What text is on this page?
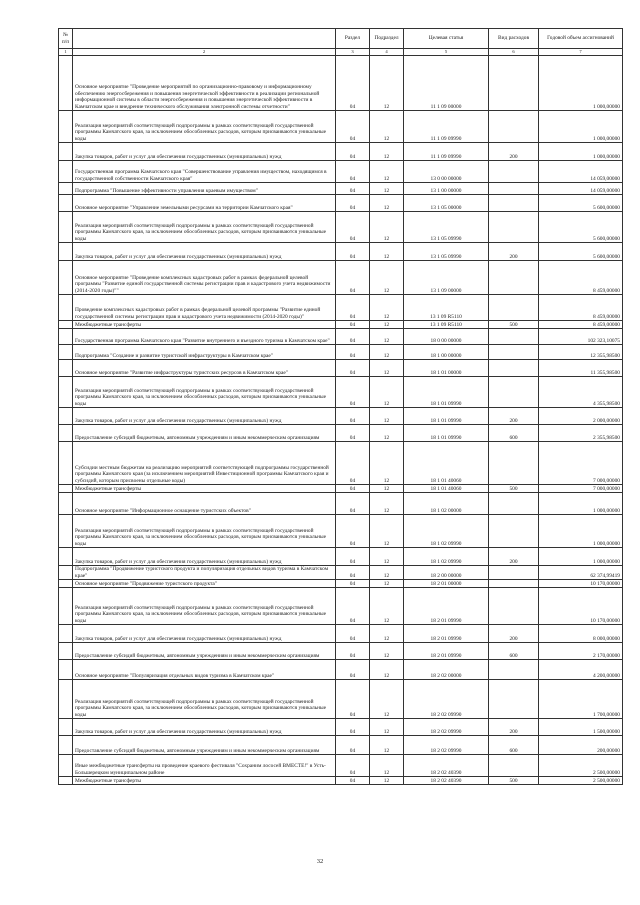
№ п/п		Раздел	Подраздел	Целевая статья	Вид расходов	Годовой объем ассигнований
1	2	3	4	5	6	7
	Основное мероприятие "Проведение мероприятий по организационно-правовому и информационному обеспечению энергосбережения и повышения энергетической эффективности в реализации региональной информационной системы в области энергосбережения и повышения энергетической эффективности в Камчатском крае и внедрение технического обслуживания электронной системы отчетности"	04	12	11 1 09 00000		1 000,00000
	Реализация мероприятий соответствующей подпрограммы в рамках соответствующей государственной программы Камчатского края, за исключением обособленных расходов, которым присваиваются уникальные коды	04	12	11 1 09 09990		1 000,00000
	Закупка товаров, работ и услуг для обеспечения государственных (муниципальных) нужд	04	12	11 1 09 09990	200	1 000,00000
	Государственная программа Камчатского края "Совершенствование управления имуществом, находящимся в государственной собственности Камчатского края"	04	12	13 0 00 00000		14 059,00000
	Подпрограмма "Повышение эффективности управления краевым имуществом"	04	12	13 1 00 00000		14 059,00000
	Основное мероприятие "Управление земельными ресурсами на территории Камчатского края"	04	12	13 1 05 00000		5 600,00000
	Реализация мероприятий соответствующей подпрограммы в рамках соответствующей государственной программы Камчатского края, за исключением обособленных расходов, которым присваиваются уникальные коды	04	12	13 1 05 09990		5 600,00000
	Закупка товаров, работ и услуг для обеспечения государственных (муниципальных) нужд	04	12	13 1 05 09990	200	5 600,00000
	Основное мероприятие "Проведение комплексных кадастровых работ в рамках федеральной целевой программы "Развитие единой государственной системы регистрации прав и кадастрового учета недвижимости (2014-2020 годы)""	04	12	13 1 09 00000		8 459,00000
	Проведение комплексных кадастровых работ в рамках федеральной целевой программы "Развитие единой государственной системы регистрации прав и кадастрового учета недвижимости (2014-2020 годы)"	04	12	13 1 09 R5110		8 459,00000
	Межбюджетные трансферты	04	12	13 1 09 R5110	500	8 459,00000
	Государственная программа Камчатского края "Развитие внутреннего и въездного туризма в Камчатском крае"	04	12	18 0 00 00000		102 323,10075
	Подпрограмма "Создание и развитие туристской инфраструктуры в Камчатском крае"	04	12	18 1 00 00000		12 355,98500
	Основное мероприятие "Развитие инфраструктуры туристских ресурсов в Камчатском крае"	04	12	18 1 01 00000		11 355,98500
	Реализация мероприятий соответствующей подпрограммы в рамках соответствующей государственной программы Камчатского края, за исключением обособленных расходов, которым присваиваются уникальные коды	04	12	18 1 01 09990		4 355,98500
	Закупка товаров, работ и услуг для обеспечения государственных (муниципальных) нужд	04	12	18 1 01 09990	200	2 000,00000
	Предоставление субсидий бюджетным, автономным учреждениям и иным некоммерческим организациям	04	12	18 1 01 09990	600	2 355,98500
	Субсидии местным бюджетам на реализацию мероприятий соответствующей подпрограммы государственной программы Камчатского края (за исключением мероприятий Инвестиционной программы Камчатского края и субсидий, которым присвоены отдельные коды)	04	12	18 1 01 40060		7 000,00000
	Межбюджетные трансферты	04	12	18 1 01 40060	500	7 000,00000
	Основное мероприятие "Информационное оснащение туристских объектов"	04	12	18 1 02 00000		1 000,00000
	Реализация мероприятий соответствующей подпрограммы в рамках соответствующей государственной программы Камчатского края, за исключением обособленных расходов, которым присваиваются уникальные коды	04	12	18 1 02 09990		1 000,00000
	Закупка товаров, работ и услуг для обеспечения государственных (муниципальных) нужд	04	12	18 1 02 09990	200	1 000,00000
	Подпрограмма "Продвижение туристского продукта и популяризация отдельных видов туризма в Камчатском крае"	04	12	18 2 00 00000		62 374,99419
	Основное мероприятие "Продвижение туристского продукта"	04	12	18 2 01 00000		10 170,00000
	Реализация мероприятий соответствующей подпрограммы в рамках соответствующей государственной программы Камчатского края, за исключением обособленных расходов, которым присваиваются уникальные коды	04	12	18 2 01 09990		10 170,00000
	Закупка товаров, работ и услуг для обеспечения государственных (муниципальных) нужд	04	12	18 2 01 09990	200	8 000,00000
	Предоставление субсидий бюджетным, автономным учреждениям и иным некоммерческим организациям	04	12	18 2 01 09990	600	2 170,00000
	Основное мероприятие "Популяризация отдельных видов туризма в Камчатском крае"	04	12	18 2 02 00000		4 200,00000
	Реализация мероприятий соответствующей подпрограммы в рамках соответствующей государственной программы Камчатского края, за исключением обособленных расходов, которым присваиваются уникальные коды	04	12	18 2 02 09990		1 700,00000
	Закупка товаров, работ и услуг для обеспечения государственных (муниципальных) нужд	04	12	18 2 02 09990	200	1 500,00000
	Предоставление субсидий бюджетным, автономным учреждениям и иным некоммерческим организациям	04	12	18 2 02 09990	600	200,00000
	Иные межбюджетные трансферты на проведение краевого фестиваля "Сохраним лососей ВМЕСТЕ!" в Усть-Большерецком муниципальном районе	04	12	18 2 02 40390		2 500,00000
	Межбюджетные трансферты	04	12	18 2 02 40390	500	2 500,00000
32
